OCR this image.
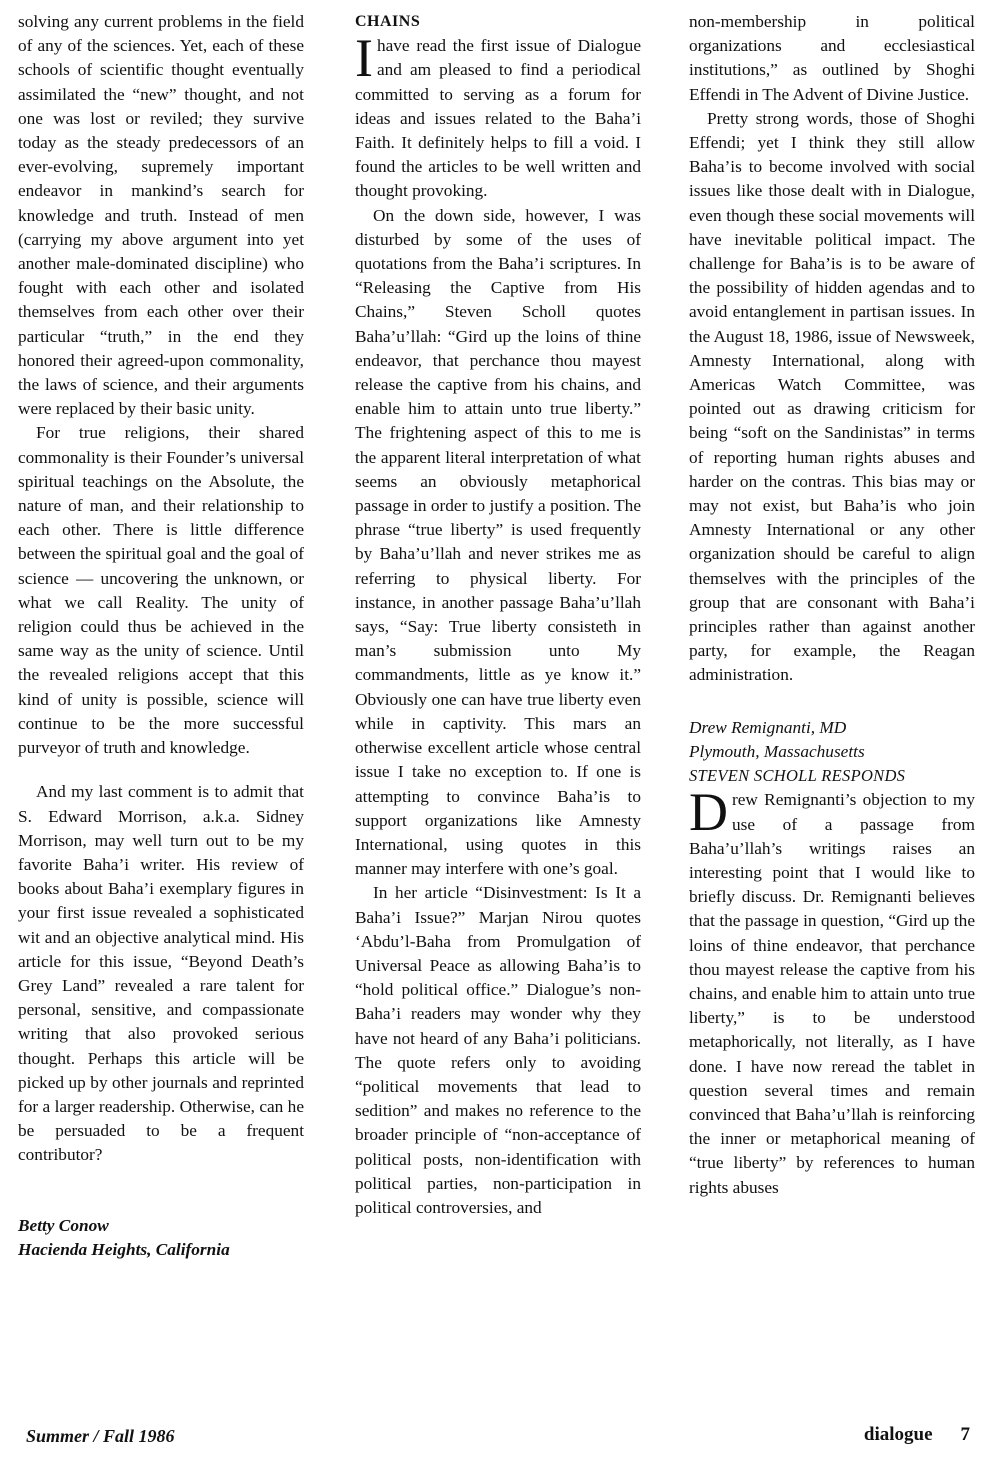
solving any current problems in the field of any of the sciences. Yet, each of these schools of scientific thought eventually assimilated the “new” thought, and not one was lost or reviled; they survive today as the steady predecessors of an ever-evolving, supremely important endeavor in mankind’s search for knowledge and truth. Instead of men (carrying my above argument into yet another male-dominated discipline) who fought with each other and isolated themselves from each other over their particular “truth,” in the end they honored their agreed-upon commonality, the laws of science, and their arguments were replaced by their basic unity.

For true religions, their shared commonality is their Founder’s universal spiritual teachings on the Absolute, the nature of man, and their relationship to each other. There is little difference between the spiritual goal and the goal of science — uncovering the unknown, or what we call Reality. The unity of religion could thus be achieved in the same way as the unity of science. Until the revealed religions accept that this kind of unity is possible, science will continue to be the more successful purveyor of truth and knowledge.

And my last comment is to admit that S. Edward Morrison, a.k.a. Sidney Morrison, may well turn out to be my favorite Baha’i writer. His review of books about Baha’i exemplary figures in your first issue revealed a sophisticated wit and an objective analytical mind. His article for this issue, “Beyond Death’s Grey Land” revealed a rare talent for personal, sensitive, and compassionate writing that also provoked serious thought. Perhaps this article will be picked up by other journals and reprinted for a larger readership. Otherwise, can he be persuaded to be a frequent contributor?

Betty Conow

Hacienda Heights, California

CHAINS

Ihave read the first issue of Dialogue and am pleased to find a periodical committed to serving as a forum for ideas and issues related to the Baha’i Faith. It definitely helps to fill a void. I found the articles to be well written and thought provoking.

On the down side, however, I was disturbed by some of the uses of quotations from the Baha’i scriptures. In “Releasing the Captive from His Chains,” Steven Scholl quotes Baha’u’llah: “Gird up the loins of thine endeavor, that perchance thou mayest release the captive from his chains, and enable him to attain unto true liberty.” The frightening aspect of this to me is the apparent literal interpretation of what seems an obviously metaphorical passage in order to justify a position. The phrase “true liberty” is used frequently by Baha’u’llah and never strikes me as referring to physical liberty. For instance, in another passage Baha’u’llah says, “Say: True liberty consisteth in man’s submission unto My commandments, little as ye know it.” Obviously one can have true liberty even while in captivity. This mars an otherwise excellent article whose central issue I take no exception to. If one is attempting to convince Baha’is to support organizations like Amnesty International, using quotes in this manner may interfere with one’s goal.

In her article “Disinvestment: Is It a Baha’i Issue?” Marjan Nirou quotes ‘Abdu’l-Baha from Promulgation of Universal Peace as allowing Baha’is to “hold political office.” Dialogue’s non-Baha’i readers may wonder why they have not heard of any Baha’i politicians. The quote refers only to avoiding “political movements that lead to sedition” and makes no reference to the broader principle of “non-acceptance of political posts, non-identification with political parties, non-participation in political controversies, and

non-membership in political organizations and ecclesiastical institutions,” as outlined by Shoghi Effendi in The Advent of Divine Justice.

Pretty strong words, those of Shoghi Effendi; yet I think they still allow Baha’is to become involved with social issues like those dealt with in Dialogue, even though these social movements will have inevitable political impact. The challenge for Baha’is is to be aware of the possibility of hidden agendas and to avoid entanglement in partisan issues. In the August 18, 1986, issue of Newsweek, Amnesty International, along with Americas Watch Committee, was pointed out as drawing criticism for being “soft on the Sandinistas” in terms of reporting human rights abuses and harder on the contras. This bias may or may not exist, but Baha’is who join Amnesty International or any other organization should be careful to align themselves with the principles of the group that are consonant with Baha’i principles rather than against another party, for example, the Reagan administration.

Drew Remignanti, MD

Plymouth, Massachusetts

STEVEN SCHOLL RESPONDS

Drew Remignanti’s objection to my use of a passage from Baha’u’llah’s writings raises an interesting point that I would like to briefly discuss. Dr. Remignanti believes that the passage in question, “Gird up the loins of thine endeavor, that perchance thou mayest release the captive from his chains, and enable him to attain unto true liberty,” is to be understood metaphorically, not literally, as I have done. I have now reread the tablet in question several times and remain convinced that Baha’u’llah is reinforcing the inner or metaphorical meaning of “true liberty” by references to human rights abuses

Summer / Fall 1986	dialogue 7
